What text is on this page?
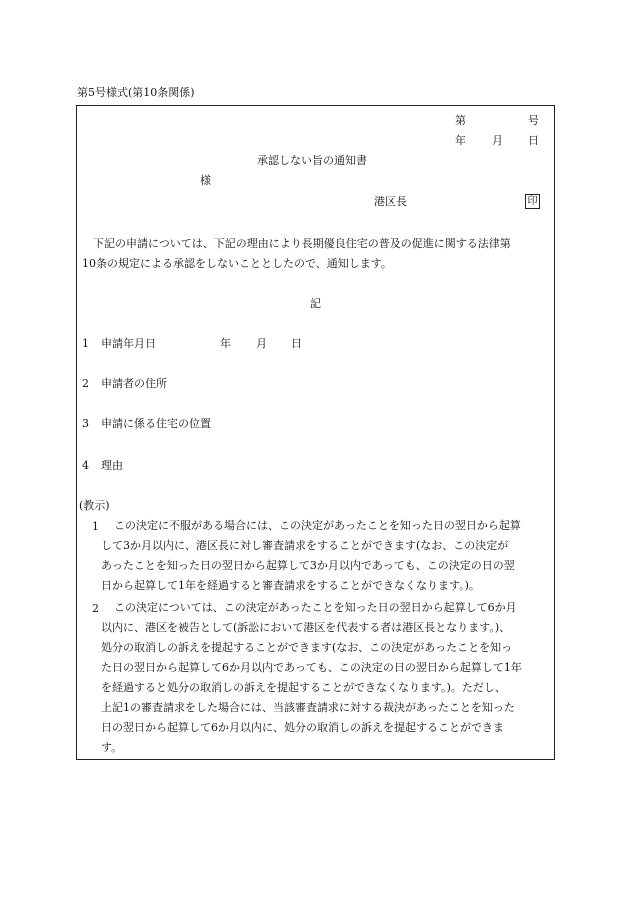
第5号様式(第10条関係)
第	号
年 月 日
承認しない旨の通知書
様
港区長	印

下記の申請については、下記の理由により長期優良住宅の普及の促進に関する法律第

10条の規定による承認をしないこととしたので、通知します。

記
1 申請年月日	年 月 日
2 申請者の住所
3 申請に係る住宅の位置
4 理由
(教示)
1	この決定に不服がある場合には、この決定があったことを知った日の翌日から起算

して3か月以内に、港区長に対し審査請求をすることができます(なお、この決定が

あったことを知った日の翌日から起算して3か月以内であっても、この決定の日の翌

日から起算して1年を経過すると審査請求をすることができなくなります。)。

2	この決定については、この決定があったことを知った日の翌日から起算して6か月

以内に、港区を被告として(訴訟において港区を代表する者は港区長となります。)、

処分の取消しの訴えを提起することができます(なお、この決定があったことを知っ

た日の翌日から起算して6か月以内であっても、この決定の日の翌日から起算して1年

を経過すると処分の取消しの訴えを提起することができなくなります。)。ただし、

上記1の審査請求をした場合には、当該審査請求に対する裁決があったことを知った

日の翌日から起算して6か月以内に、処分の取消しの訴えを提起することができま

す。
